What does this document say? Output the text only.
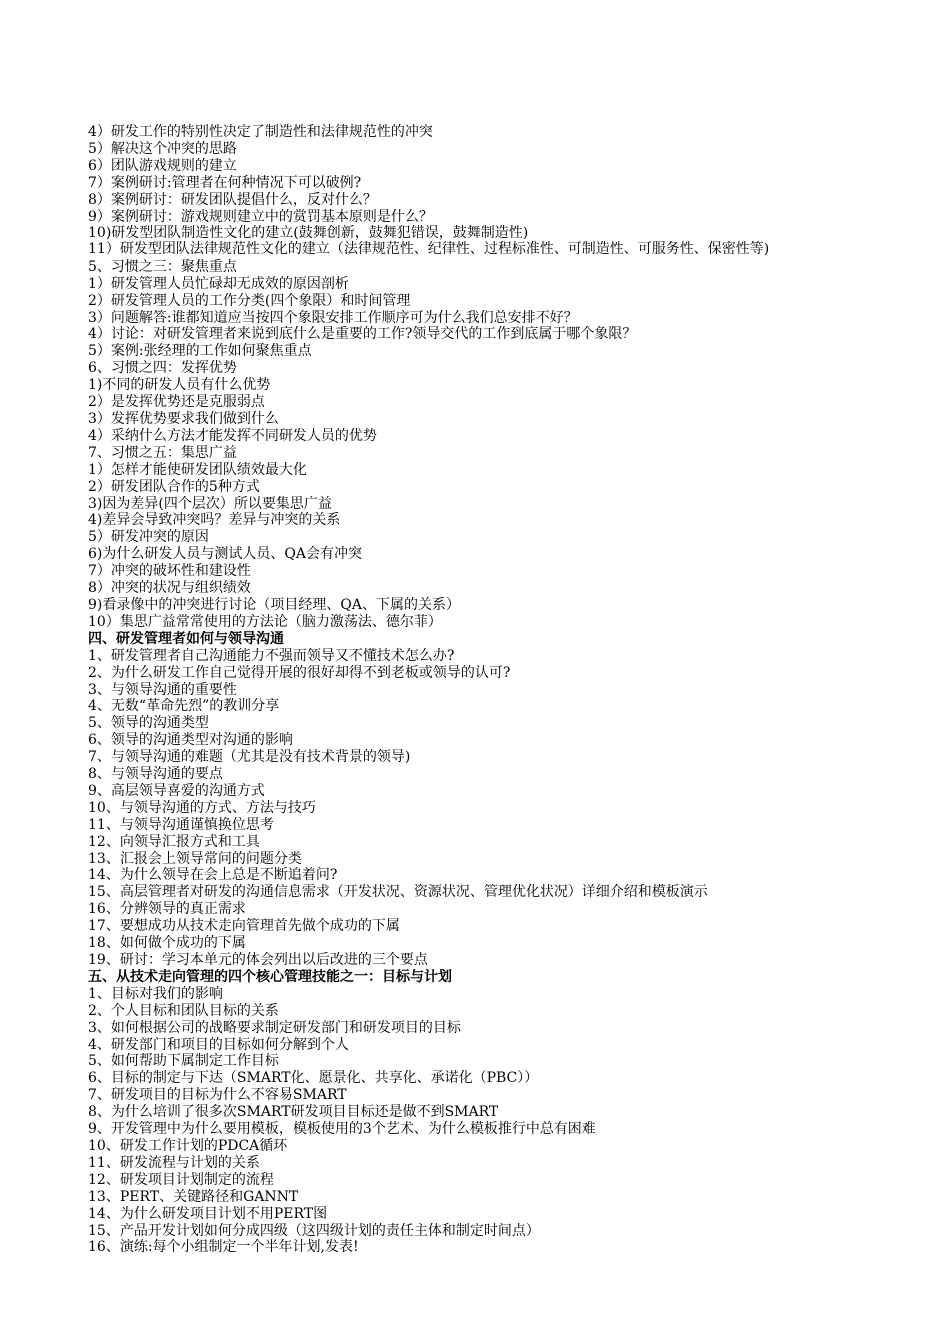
4）研发工作的特别性决定了制造性和法律规范性的冲突
5）解决这个冲突的思路
6）团队游戏规则的建立
7）案例研讨:管理者在何种情况下可以破例?
8）案例研讨：研发团队提倡什么，反对什么？
9）案例研讨：游戏规则建立中的赏罚基本原则是什么？
10)研发型团队制造性文化的建立(鼓舞创新，鼓舞犯错误，鼓舞制造性)
11）研发型团队法律规范性文化的建立（法律规范性、纪律性、过程标准性、可制造性、可服务性、保密性等)
5、习惯之三：聚焦重点
1）研发管理人员忙碌却无成效的原因剖析
2）研发管理人员的工作分类(四个象限）和时间管理
3）问题解答:谁都知道应当按四个象限安排工作顺序可为什么我们总安排不好？
4）讨论：对研发管理者来说到底什么是重要的工作?领导交代的工作到底属于哪个象限？
5）案例:张经理的工作如何聚焦重点
6、习惯之四：发挥优势
1)不同的研发人员有什么优势
2）是发挥优势还是克服弱点
3）发挥优势要求我们做到什么
4）采纳什么方法才能发挥不同研发人员的优势
7、习惯之五：集思广益
1）怎样才能使研发团队绩效最大化
2）研发团队合作的5种方式
3)因为差异(四个层次）所以要集思广益
4)差异会导致冲突吗？差异与冲突的关系
5）研发冲突的原因
6)为什么研发人员与测试人员、QA会有冲突
7）冲突的破坏性和建设性
8）冲突的状况与组织绩效
9)看录像中的冲突进行讨论（项目经理、QA、下属的关系）
10）集思广益常常使用的方法论（脑力激荡法、德尔菲）
四、研发管理者如何与领导沟通
1、研发管理者自己沟通能力不强而领导又不懂技术怎么办?
2、为什么研发工作自己觉得开展的很好却得不到老板或领导的认可?
3、与领导沟通的重要性
4、无数“革命先烈”的教训分享
5、领导的沟通类型
6、领导的沟通类型对沟通的影响
7、与领导沟通的难题（尤其是没有技术背景的领导)
8、与领导沟通的要点
9、高层领导喜爱的沟通方式
10、与领导沟通的方式、方法与技巧
11、与领导沟通谨慎换位思考
12、向领导汇报方式和工具
13、汇报会上领导常问的问题分类
14、为什么领导在会上总是不断追着问?
15、高层管理者对研发的沟通信息需求（开发状况、资源状况、管理优化状况）详细介绍和模板演示
16、分辨领导的真正需求
17、要想成功从技术走向管理首先做个成功的下属
18、如何做个成功的下属
19、研讨：学习本单元的体会列出以后改进的三个要点
五、从技术走向管理的四个核心管理技能之一：目标与计划
1、目标对我们的影响
2、个人目标和团队目标的关系
3、如何根据公司的战略要求制定研发部门和研发项目的目标
4、研发部门和项目的目标如何分解到个人
5、如何帮助下属制定工作目标
6、目标的制定与下达（SMART化、愿景化、共享化、承诺化（PBC））
7、研发项目的目标为什么不容易SMART
8、为什么培训了很多次SMART研发项目目标还是做不到SMART
9、开发管理中为什么要用模板，模板使用的3个艺术、为什么模板推行中总有困难
10、研发工作计划的PDCA循环
11、研发流程与计划的关系
12、研发项目计划制定的流程
13、PERT、关键路径和GANNT
14、为什么研发项目计划不用PERT图
15、产品开发计划如何分成四级（这四级计划的责任主体和制定时间点）
16、演练:每个小组制定一个半年计划,发表!
